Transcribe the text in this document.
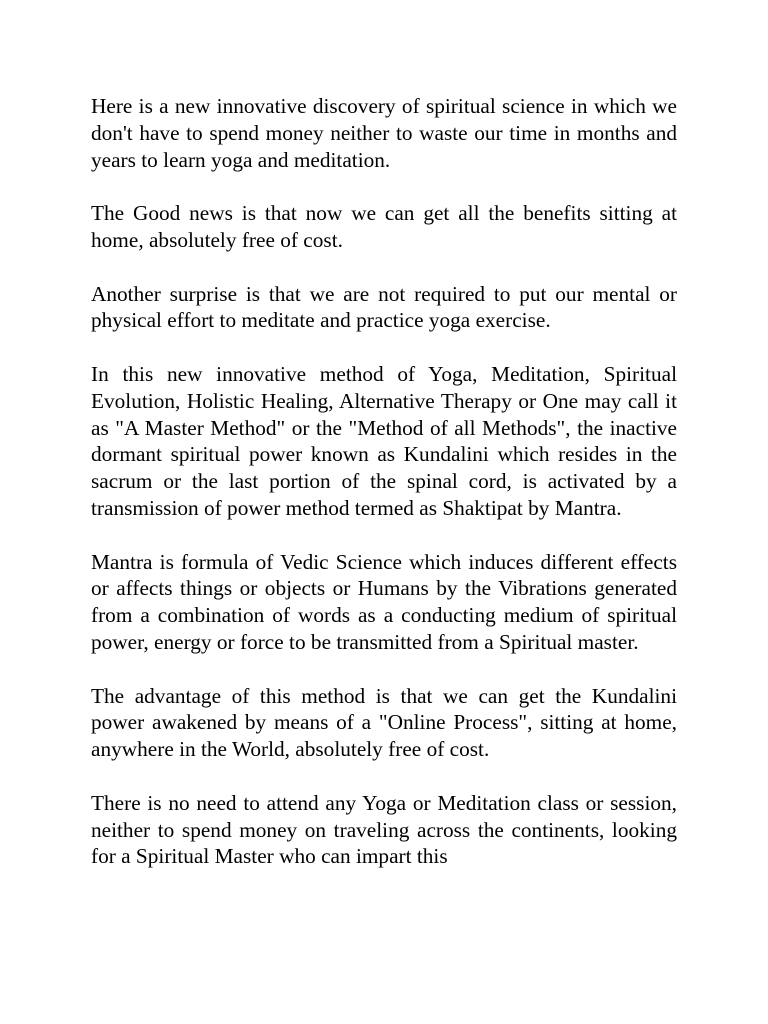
Here is a new innovative discovery of spiritual science in which we don't have to spend money neither to waste our time in months and years to learn yoga and meditation.

The Good news is that now we can get all the benefits sitting at home, absolutely free of cost.

Another surprise is that we are not required to put our mental or physical effort to meditate and practice yoga exercise.

In this new innovative method of Yoga, Meditation, Spiritual Evolution, Holistic Healing, Alternative Therapy or One may call it as "A Master Method" or the "Method of all Methods", the inactive dormant spiritual power known as Kundalini which resides in the sacrum or the last portion of the spinal cord, is activated by a transmission of power method termed as Shaktipat by Mantra.

Mantra is formula of Vedic Science which induces different effects or affects things or objects or Humans by the Vibrations generated from a combination of words as a conducting medium of spiritual power, energy or force to be transmitted from a Spiritual master.

The advantage of this method is that we can get the Kundalini power awakened by means of a "Online Process", sitting at home, anywhere in the World, absolutely free of cost.

There is no need to attend any Yoga or Meditation class or session, neither to spend money on traveling across the continents, looking for a Spiritual Master who can impart this
